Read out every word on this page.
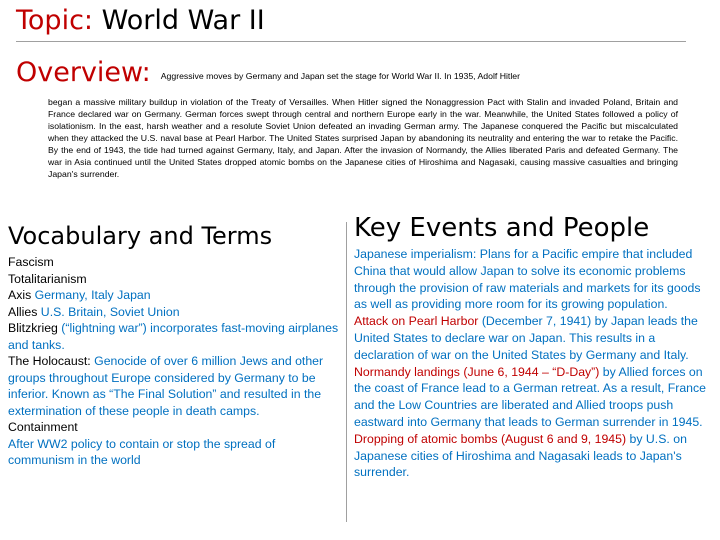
Topic: World War II
Overview: Aggressive moves by Germany and Japan set the stage for World War II. In 1935, Adolf Hitler
began a massive military buildup in violation of the Treaty of Versailles. When Hitler signed the Nonaggression Pact with Stalin and invaded Poland, Britain and France declared war on Germany. German forces swept through central and northern Europe early in the war. Meanwhile, the United States followed a policy of isolationism. In the east, harsh weather and a resolute Soviet Union defeated an invading German army. The Japanese conquered the Pacific but miscalculated when they attacked the U.S. naval base at Pearl Harbor. The United States surprised Japan by abandoning its neutrality and entering the war to retake the Pacific. By the end of 1943, the tide had turned against Germany, Italy, and Japan. After the invasion of Normandy, the Allies liberated Paris and defeated Germany. The war in Asia continued until the United States dropped atomic bombs on the Japanese cities of Hiroshima and Nagasaki, causing massive casualties and bringing Japan's surrender.
Vocabulary and Terms
Fascism
Totalitarianism
Axis Germany, Italy Japan
Allies U.S. Britain, Soviet Union
Blitzkrieg (“lightning war”) incorporates fast-moving airplanes and tanks.
The Holocaust: Genocide of over 6 million Jews and other groups throughout Europe considered by Germany to be inferior. Known as “The Final Solution” and resulted in the extermination of these people in death camps.
Containment
After WW2 policy to contain or stop the spread of communism in the world
Key Events and People
Japanese imperialism: Plans for a Pacific empire that included China that would allow Japan to solve its economic problems through the provision of raw materials and markets for its goods as well as providing more room for its growing population.
Attack on Pearl Harbor (December 7, 1941) by Japan leads the United States to declare war on Japan. This results in a declaration of war on the United States by Germany and Italy.
Normandy landings (June 6, 1944 – “D-Day”) by Allied forces on the coast of France lead to a German retreat. As a result, France and the Low Countries are liberated and Allied troops push eastward into Germany that leads to German surrender in 1945.
Dropping of atomic bombs (August 6 and 9, 1945) by U.S. on Japanese cities of Hiroshima and Nagasaki leads to Japan's surrender.
